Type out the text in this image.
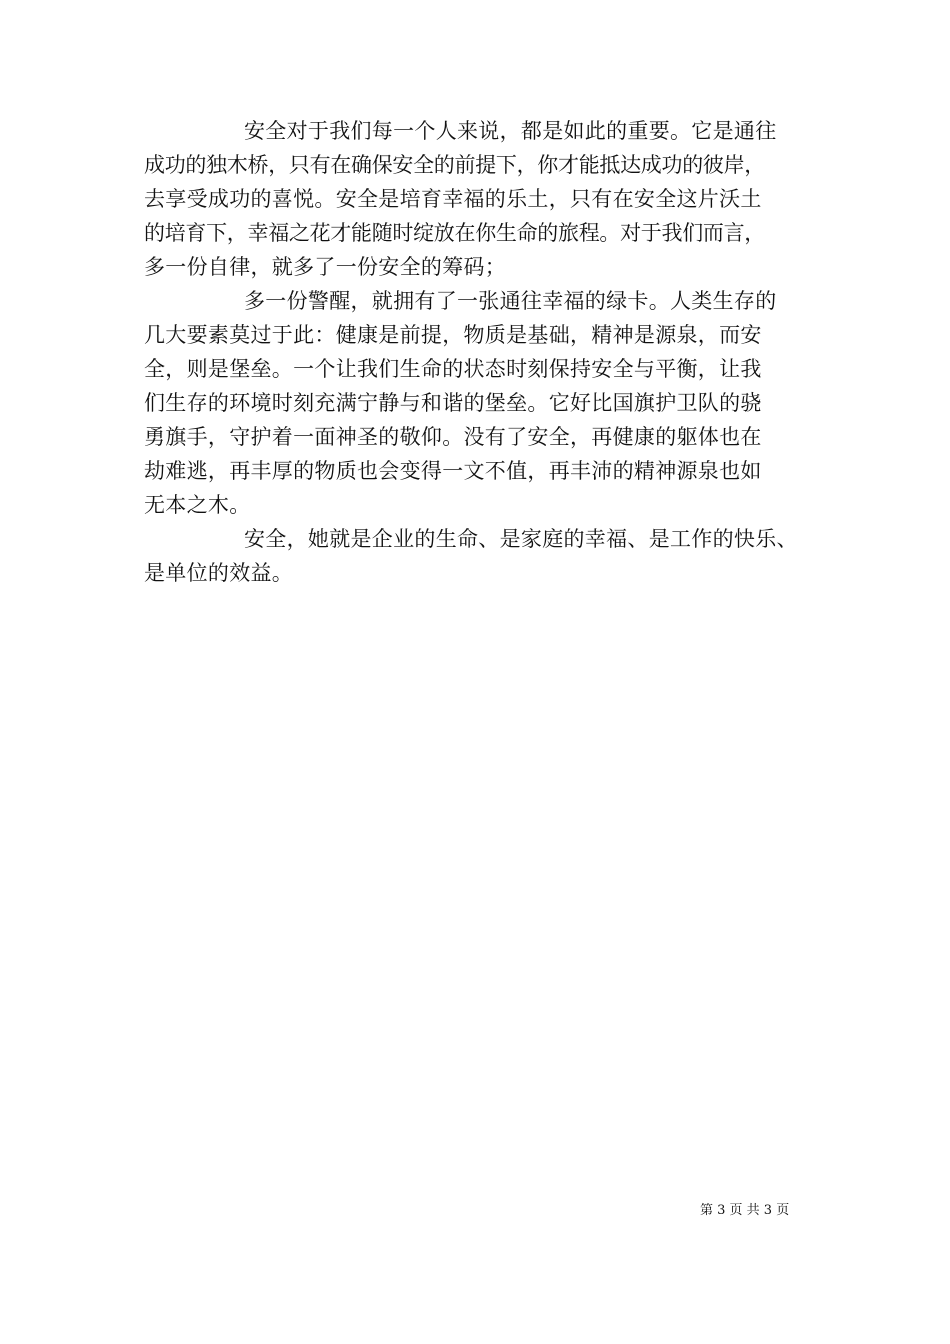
安全对于我们每一个人来说，都是如此的重要。它是通往
成功的独木桥，只有在确保安全的前提下，你才能抵达成功的彼岸，
去享受成功的喜悦。安全是培育幸福的乐土，只有在安全这片沃土
的培育下，幸福之花才能随时绽放在你生命的旅程。对于我们而言，
多一份自律，就多了一份安全的筹码；
多一份警醒，就拥有了一张通往幸福的绿卡。人类生存的
几大要素莫过于此：健康是前提，物质是基础，精神是源泉，而安
全，则是堡垒。一个让我们生命的状态时刻保持安全与平衡，让我
们生存的环境时刻充满宁静与和谐的堡垒。它好比国旗护卫队的骁
勇旗手，守护着一面神圣的敬仰。没有了安全，再健康的躯体也在
劫难逃，再丰厚的物质也会变得一文不值，再丰沛的精神源泉也如
无本之木。
安全，她就是企业的生命、是家庭的幸福、是工作的快乐、
是单位的效益。
第 3 页 共 3 页
